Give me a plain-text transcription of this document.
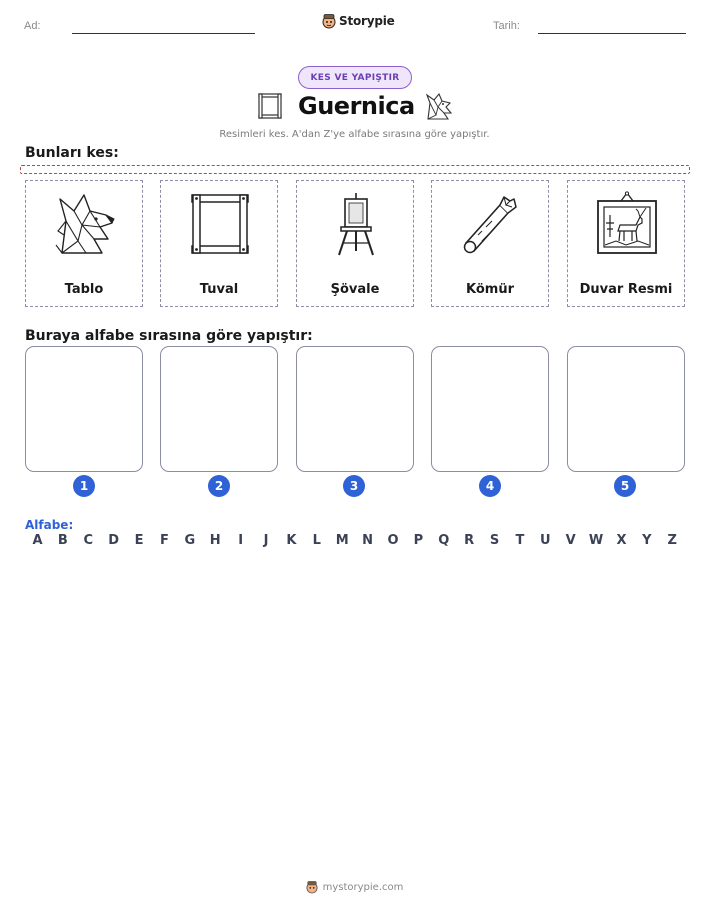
Ad:	Storypie	Tarih:
KES VE YAPIŞTIR
Guernica
Resimleri kes. A'dan Z'ye alfabe sırasına göre yapıştır.
Bunları kes:
Tablo	Tuval	Şövale	Kömür	Duvar Resmi
Buraya alfabe sırasına göre yapıştır:
1	2	3	4	5
Alfabe:
A	B	C	D	E	F	G	H	I	J	K	L	M	N	O	P	Q	R	S	T	U	V	W	X	Y	Z
mystorypie.com
